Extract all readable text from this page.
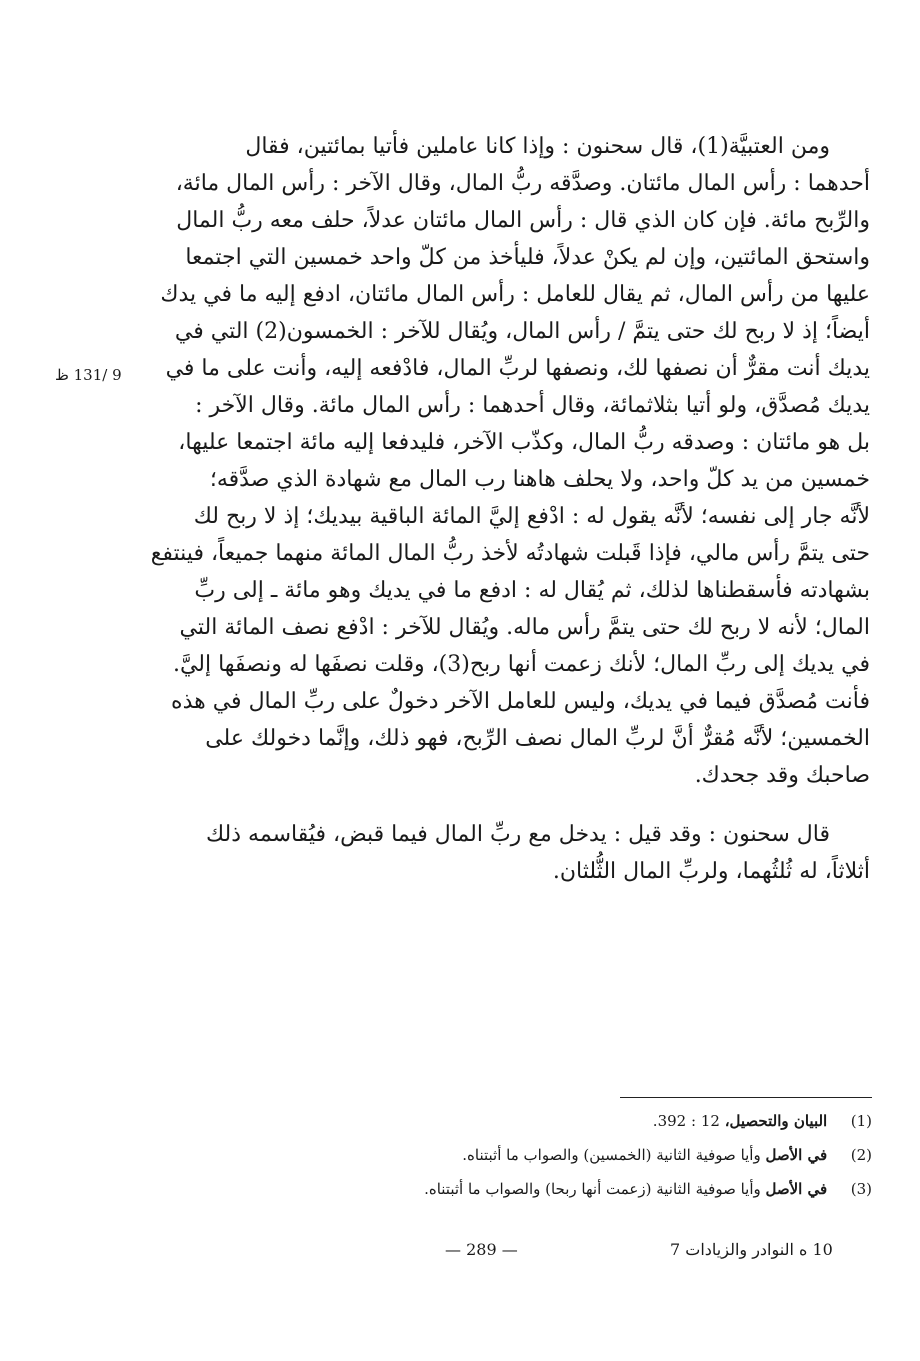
ومن العتبيَّة(1)، قال سحنون : وإذا كانا عاملين فأتيا بمائتين، فقال
أحدهما : رأس المال مائتان. وصدَّقه ربُّ المال، وقال الآخر : رأس المال مائة،
والرِّبح مائة. فإن كان الذي قال : رأس المال مائتان عدلاً، حلف معه ربُّ المال
واستحق المائتين، وإن لم يكنْ عدلاً، فليأخذ من كلّ واحد خمسين التي اجتمعا
عليها من رأس المال، ثم يقال للعامل : رأس المال مائتان، ادفع إليه ما في يدك
أيضاً؛ إذ لا ربح لك حتى يتمَّ / رأس المال، ويُقال للآخر : الخمسون(2) التي في
يديك أنت مقرٌّ أن نصفها لك، ونصفها لربِّ المال، فادْفعه إليه، وأنت على ما في
يديك مُصدَّق، ولو أتيا بثلاثمائة، وقال أحدهما : رأس المال مائة. وقال الآخر :
بل هو مائتان : وصدقه ربُّ المال، وكذّب الآخر، فليدفعا إليه مائة اجتمعا عليها،
خمسين من يد كلّ واحد، ولا يحلف هاهنا رب المال مع شهادة الذي صدَّقه؛
لأنَّه جار إلى نفسه؛ لأنَّه يقول له : ادْفع إليَّ المائة الباقية بيديك؛ إذ لا ربح لك
حتى يتمَّ رأس مالي، فإذا قَبلت شهادتُه لأخذ ربُّ المال المائة منهما جميعاً، فينتفع
بشهادته فأسقطناها لذلك، ثم يُقال له : ادفع ما في يديك وهو مائة ـ إلى ربِّ
المال؛ لأنه لا ربح لك حتى يتمَّ رأس ماله. ويُقال للآخر : ادْفع نصف المائة التي
في يديك إلى ربِّ المال؛ لأنك زعمت أنها ربح(3)، وقلت نصفَها له ونصفَها إليَّ.
فأنت مُصدَّق فيما في يديك، وليس للعامل الآخر دخولٌ على ربِّ المال في هذه
الخمسين؛ لأنَّه مُقرٌّ أنَّ لربِّ المال نصف الرِّبح، فهو ذلك، وإنَّما دخولك على
صاحبك وقد جحدك.

قال سحنون : وقد قيل : يدخل مع ربِّ المال فيما قبض، فيُقاسمه ذلك
أثلاثاً، له ثُلثُهما، ولربِّ المال الثُّلثان.

9 /131 ظ
(1) البيان والتحصيل، 12 : 392.
(2) في الأصل وأيا صوفية الثانية (الخمسين) والصواب ما أثبتناه.
(3) في الأصل وأيا صوفية الثانية (زعمت أنها ربحا) والصواب ما أثبتناه.
— 289 —	10 ه النوادر والزيادات 7
